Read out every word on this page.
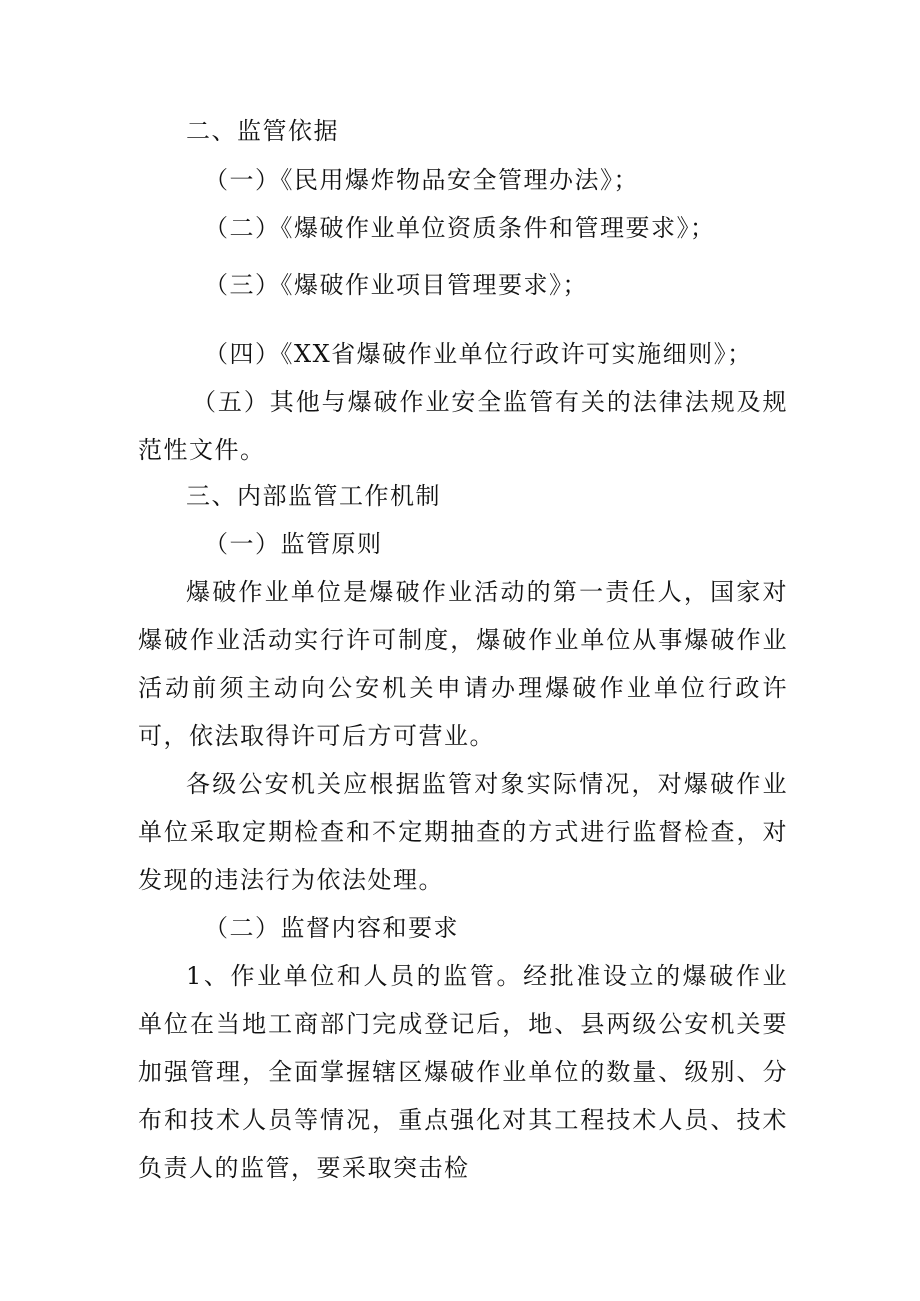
二、监管依据
（一）《民用爆炸物品安全管理办法》；
（二）《爆破作业单位资质条件和管理要求》；
（三）《爆破作业项目管理要求》；
（四）《XX省爆破作业单位行政许可实施细则》；
（五）其他与爆破作业安全监管有关的法律法规及规范性文件。
三、内部监管工作机制
（一）监管原则
爆破作业单位是爆破作业活动的第一责任人，国家对爆破作业活动实行许可制度，爆破作业单位从事爆破作业活动前须主动向公安机关申请办理爆破作业单位行政许可，依法取得许可后方可营业。
各级公安机关应根据监管对象实际情况，对爆破作业单位采取定期检查和不定期抽查的方式进行监督检查，对发现的违法行为依法处理。
（二）监督内容和要求
1、作业单位和人员的监管。经批准设立的爆破作业单位在当地工商部门完成登记后，地、县两级公安机关要加强管理，全面掌握辖区爆破作业单位的数量、级别、分布和技术人员等情况，重点强化对其工程技术人员、技术负责人的监管，要采取突击检
